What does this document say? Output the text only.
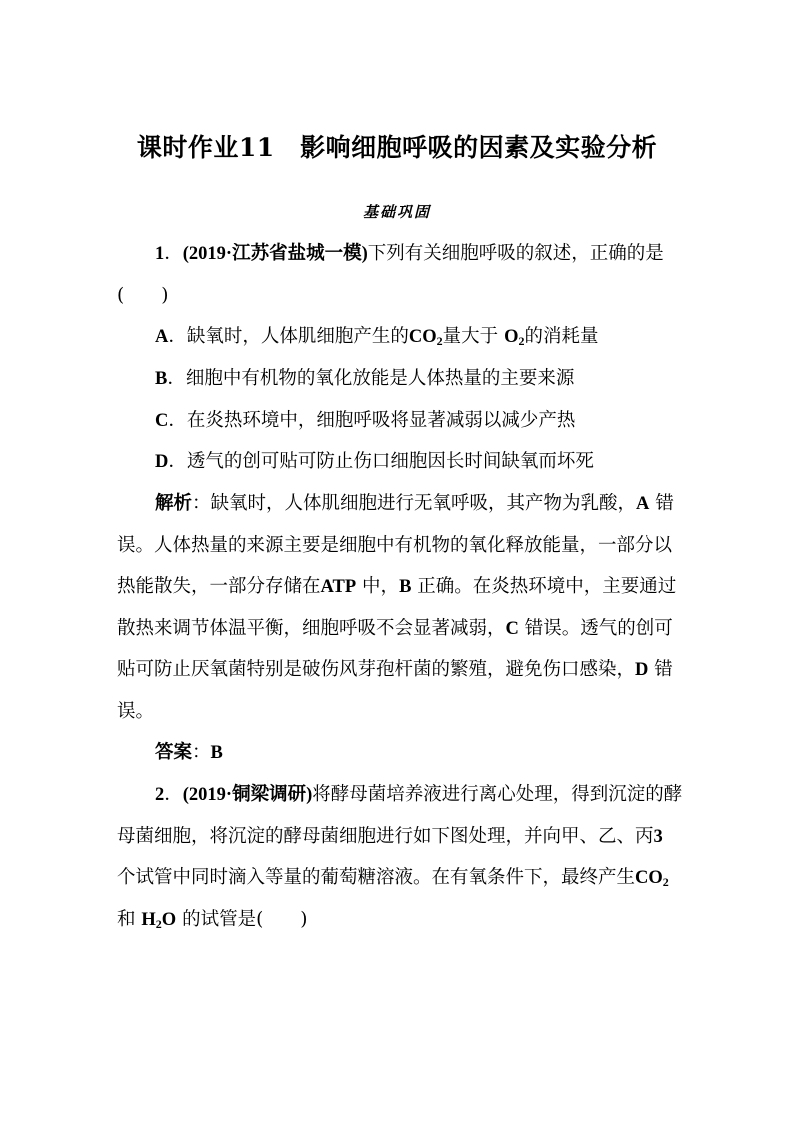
课时作业11　影响细胞呼吸的因素及实验分析
基础巩固
1．(2019·江苏省盐城一模)下列有关细胞呼吸的叙述，正确的是
(　　)
A．缺氧时，人体肌细胞产生的$CO_2$量大于 $O_2$的消耗量
B．细胞中有机物的氧化放能是人体热量的主要来源
C．在炎热环境中，细胞呼吸将显著减弱以减少产热
D．透气的创可贴可防止伤口细胞因长时间缺氧而坏死
解析：缺氧时，人体肌细胞进行无氧呼吸，其产物为乳酸，A 错
误。人体热量的来源主要是细胞中有机物的氧化释放能量，一部分以
热能散失，一部分存储在ATP 中，B 正确。在炎热环境中，主要通过
散热来调节体温平衡，细胞呼吸不会显著减弱，C 错误。透气的创可
贴可防止厌氧菌特别是破伤风芽孢杆菌的繁殖，避免伤口感染，D 错
误。
答案：B
2．(2019·铜梁调研)将酵母菌培养液进行离心处理，得到沉淀的酵
母菌细胞，将沉淀的酵母菌细胞进行如下图处理，并向甲、乙、丙3
个试管中同时滴入等量的葡萄糖溶液。在有氧条件下，最终产生$CO_2$
和 $H_2O$ 的试管是(　　)
